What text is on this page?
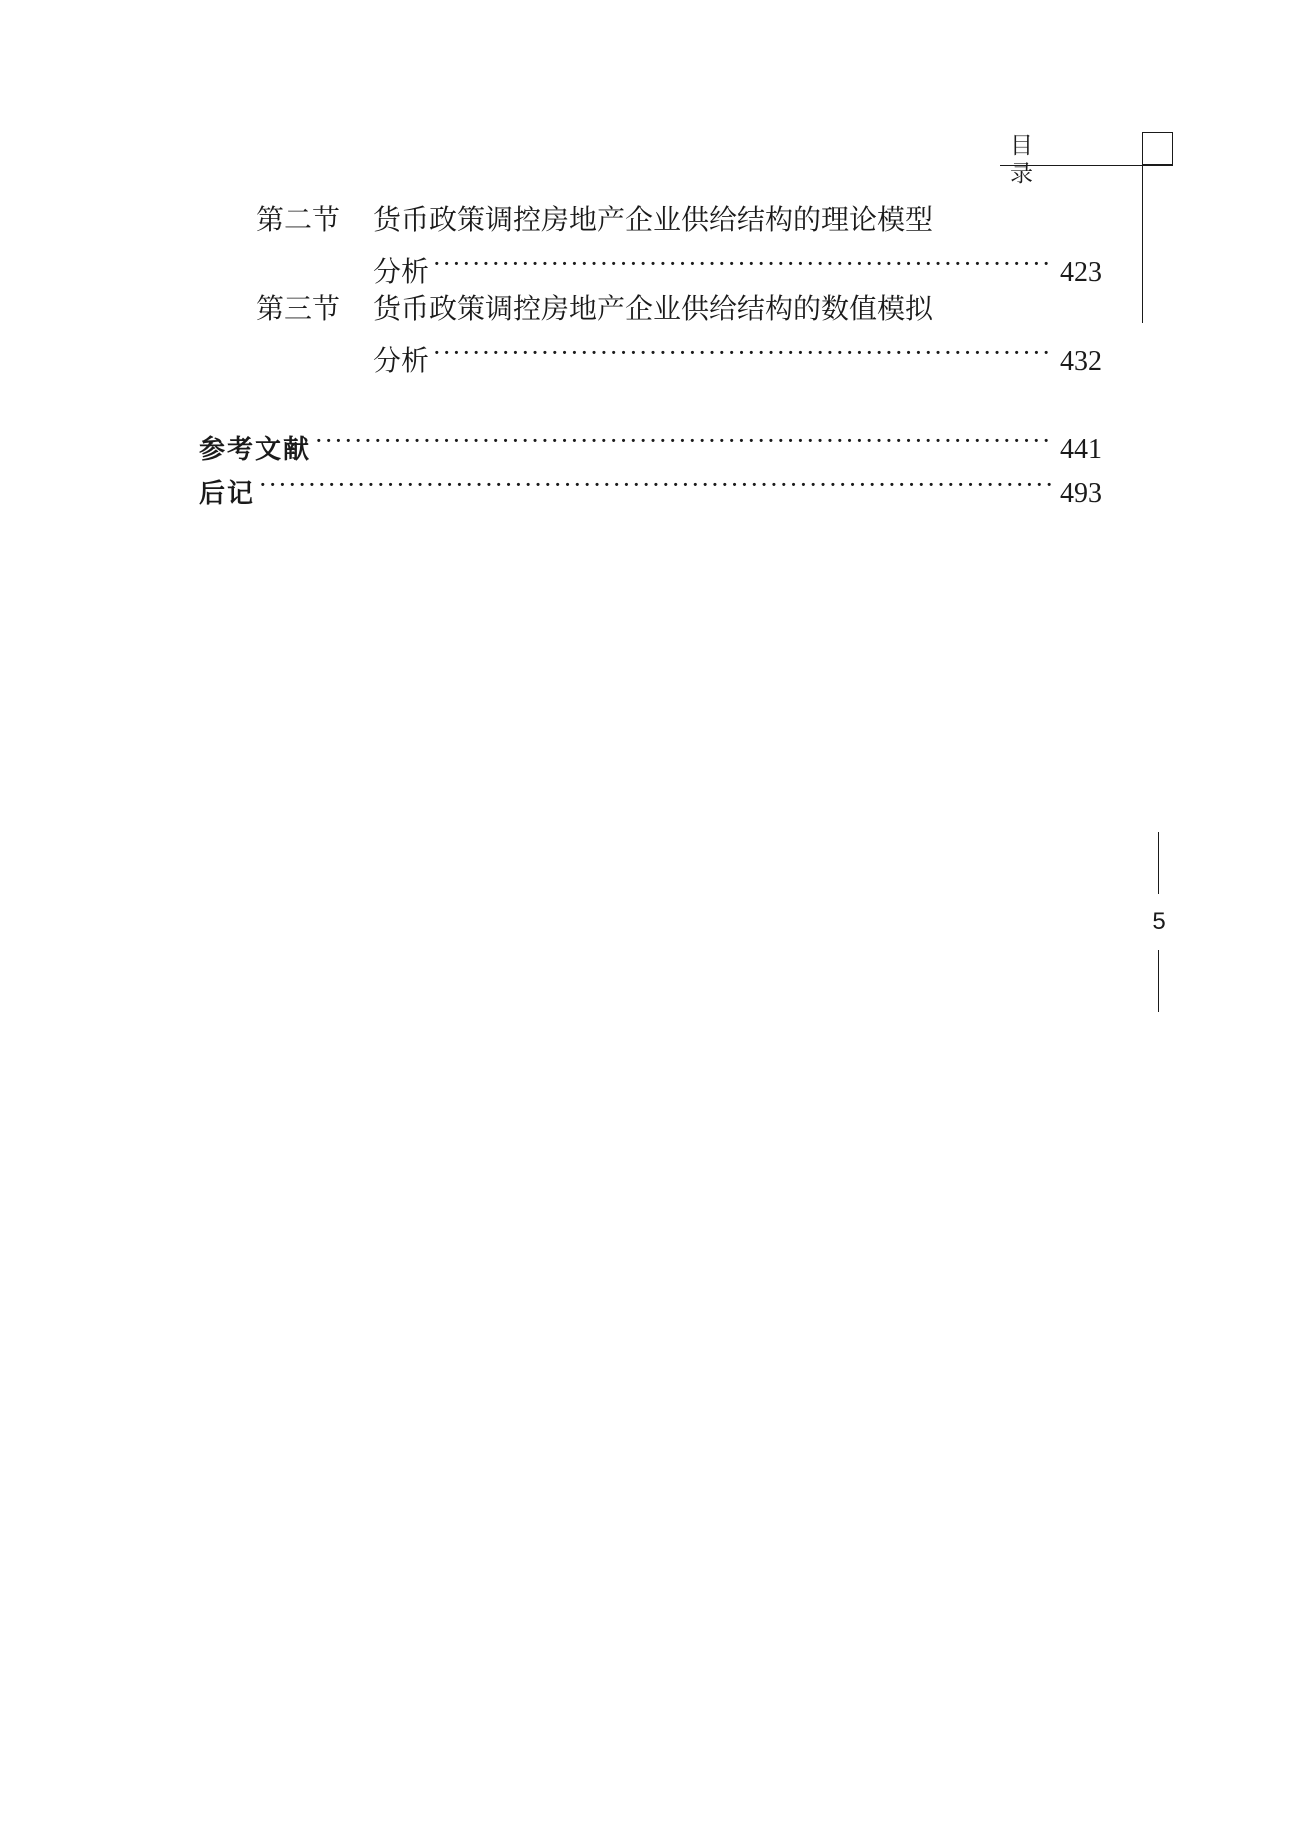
目 录
第二节 货币政策调控房地产企业供给结构的理论模型
分析 ·····	423
第三节 货币政策调控房地产企业供给结构的数值模拟
分析 ·····	432
参考文献 ·····	441
后记 ·····	493
5
